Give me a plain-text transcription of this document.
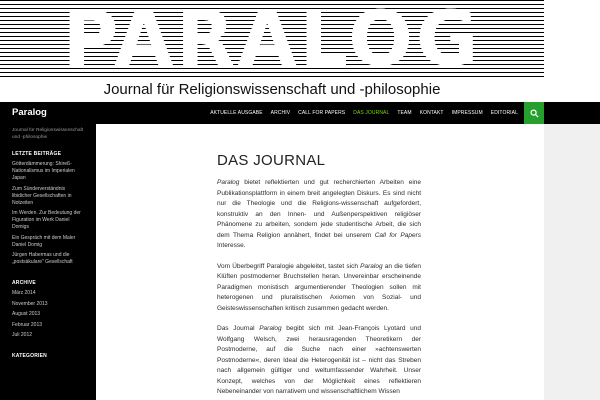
PARALOG
Journal für Religionswissenschaft und -philosophie
Paralog	AKTUELLE AUSGABE	ARCHIV	CALL FOR PAPERS	DAS JOURNAL	TEAM	KONTAKT	IMPRESSUM	EDITORIAL
Journal für Religionswissenschaft und -philosophie
LETZTE BEITRÄGE
Götterdämmerung: Shireß-Nationalismus im Imperialen Japan
Zum Sünderverständnis libidicher Gesellschaften in Notzeiten
Im Werden. Zur Bedeutung der Figuration im Werk Daniel Domigs
Ein Gespräch mit dem Maler Daniel Domig
Jürgen Habermas und die „postsäkulare" Gesellschaft
ARCHIVE
März 2014
November 2013
August 2013
Februar 2013
Juli 2012
KATEGORIEN
DAS JOURNAL

Paralog bietet reflektierten und gut recherchierten Arbeiten eine Publikationsplattform in einem breit angelegten Diskurs. Es sind nicht nur die Theologie und die Religions-wissenschaft aufgefordert, konstruktiv an den Innen- und Außenperspektiven religiöser Phänomene zu arbeiten, sondern jede studentische Arbeit, die sich dem Thema Religion annähert, findet bei unserem Call for Papers Interesse.

Vom Überbegriff Paralogie abgeleitet, tastet sich Paralog an die tiefen Klüften postmoderner Bruchstellen heran. Unvereinbar erscheinende Paradigmen monistisch argumentierender Theologien sollen mit heterogenen und pluralistischen Axiomen von Sozial- und Geisteswissenschaften kritisch zusammen gedacht werden.

Das Journal Paralog begibt sich mit Jean-François Lyotard und Wolfgang Welsch, zwei herausragenden Theoretikern der Postmoderne, auf die Suche nach einer »achtenswerten Postmoderne«, deren Ideal die Heterogenität ist – nicht das Streben nach allgemein gültiger und weltumfassender Wahrheit. Unser Konzept, welches von der Möglichkeit eines reflektieren Nebeneinander von narrativem und wissenschaftlichem Wissen
